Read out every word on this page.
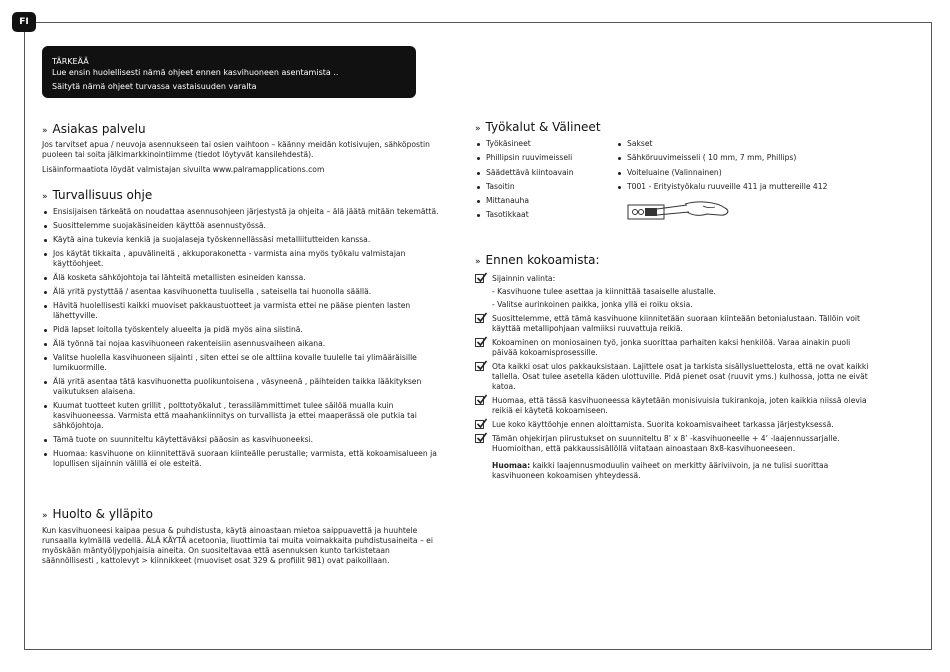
FI

TÄRKEÄÄ

Lue ensin huolellisesti nämä ohjeet ennen kasvihuoneen asentamista ..

Säitytä nämä ohjeet turvassa vastaisuuden varalta

» Asiakas palvelu

Jos tarvitset apua / neuvoja asennukseen tai osien vaihtoon – käänny meidän kotisivujen, sähköpostin puoleen tai soita jälkimarkkinointiimme (tiedot löytyvät kansilehdestä).

Lisäinformaatiota löydät valmistajan sivuilta www.palramapplications.com

» Turvallisuus ohje
Ensisijaisen tärkeätä on noudattaa asennusohjeen järjestystä ja ohjeita – älä jäätä mitään tekemättä.
Suosittelemme suojakäsineiden käyttöä asennustyössä.
Käytä aina tukevia kenkiä ja suojalaseja työskennellässäsi metalliitutteiden kanssa.
Jos käytät tikkaita , apuvälineitä , akkuporakonetta - varmista aina myös työkalu valmistajan käyttöohjeet.
Älä kosketa sähköjohtoja tai lähteitä metallisten esineiden kanssa.
Älä yritä pystyttää / asentaa kasvihuonetta tuulisella , sateisella tai huonolla säällä.
Hävitä huolellisesti kaikki muoviset pakkaustuotteet ja varmista ettei ne pääse pienten lasten lähettyville.
Pidä lapset loitolla työskentely alueelta ja pidä myös aina siistinä.
Älä työnnä tai nojaa kasvihuoneen rakenteisiin asennusvaiheen aikana.
Valitse huolella kasvihuoneen sijainti , siten ettei se ole alttiina kovalle tuulelle tai ylimääräisille lumikuormille.
Älä yritä asentaa tätä kasvihuonetta puolikuntoisena , väsyneenä , päihteiden taikka lääkityksen vaikutuksen alaisena.
Kuumat tuotteet kuten grillit , polttotyökalut , terassilämmittimet tulee säilöä mualla kuin kasvihuoneessa. Varmista että maahankiinnitys on turvallista ja ettei maaperässä ole putkia tai sähköjohtoja.
Tämä tuote on suunniteltu käytettäväksi pääosin as kasvihuoneeksi.
Huomaa: kasvihuone on kiinnitettävä suoraan kiinteälle perustalle; varmista, että kokoamisalueen ja lopullisen sijainnin välillä ei ole esteitä.
» Huolto & ylläpito

Kun kasvihuoneesi kaipaa pesua & puhdistusta, käytä ainoastaan mietoa saippuavettä ja huuhtele runsaalla kylmällä vedellä. ÄLÄ KÄYTÄ acetoonia, liuottimia tai muita voimakkaita puhdistusaineita – ei myöskään mäntyöljypohjaisia aineita. On suositeltavaa että asennuksen kunto tarkistetaan säännöllisesti , kattolevyt > kiinnikkeet (muoviset osat 329 & profiilit 981) ovat paikoillaan.

» Työkalut & Välineet
Työkäsineet
Phillipsin ruuvimeisseli
Säädettävä kiintoavain
Tasoitin
Mittanauha
Tasotikkaat
Sakset
Sähköruuvimeisseli ( 10 mm, 7 mm, Phillips)
Voiteluaine (Valinnainen)
T001 - Erityistyökalu ruuveille 411 ja muttereille 412
» Ennen kokoamista:
Sijainnin valinta:
- Kasvihuone tulee asettaa ja kiinnittää tasaiselle alustalle.
- Valitse aurinkoinen paikka, jonka yllä ei roiku oksia.
Suosittelemme, että tämä kasvihuone kiinnitetään suoraan kiinteään betonialustaan. Tällöin voit käyttää metallipohjaan valmiiksi ruuvattuja reikiä.
Kokoaminen on moniosainen työ, jonka suorittaa parhaiten kaksi henkilöä. Varaa ainakin puoli päivää kokoamisprosessille.
Ota kaikki osat ulos pakkauksistaan. Lajittele osat ja tarkista sisällysluettelosta, että ne ovat kaikki tallella. Osat tulee asetella käden ulottuville. Pidä pienet osat (ruuvit yms.) kulhossa, jotta ne eivät katoa.
Huomaa, että tässä kasvihuoneessa käytetään monisivuisia tukirankoja, joten kaikkia niissä olevia reikiä ei käytetä kokoamiseen.
Lue koko käyttöohje ennen aloittamista. Suorita kokoamisvaiheet tarkassa järjestyksessä.
Tämän ohjekirjan piirustukset on suunniteltu 8’ x 8’ -kasvihuoneelle + 4’ -laajennussarjalle. Huomioithan, että pakkaussisällöllä viitataan ainoastaan 8x8-kasvihuoneeseen.
Huomaa: kaikki laajennusmoduulin vaiheet on merkitty ääriviivoin, ja ne tulisi suorittaa kasvihuoneen kokoamisen yhteydessä.
